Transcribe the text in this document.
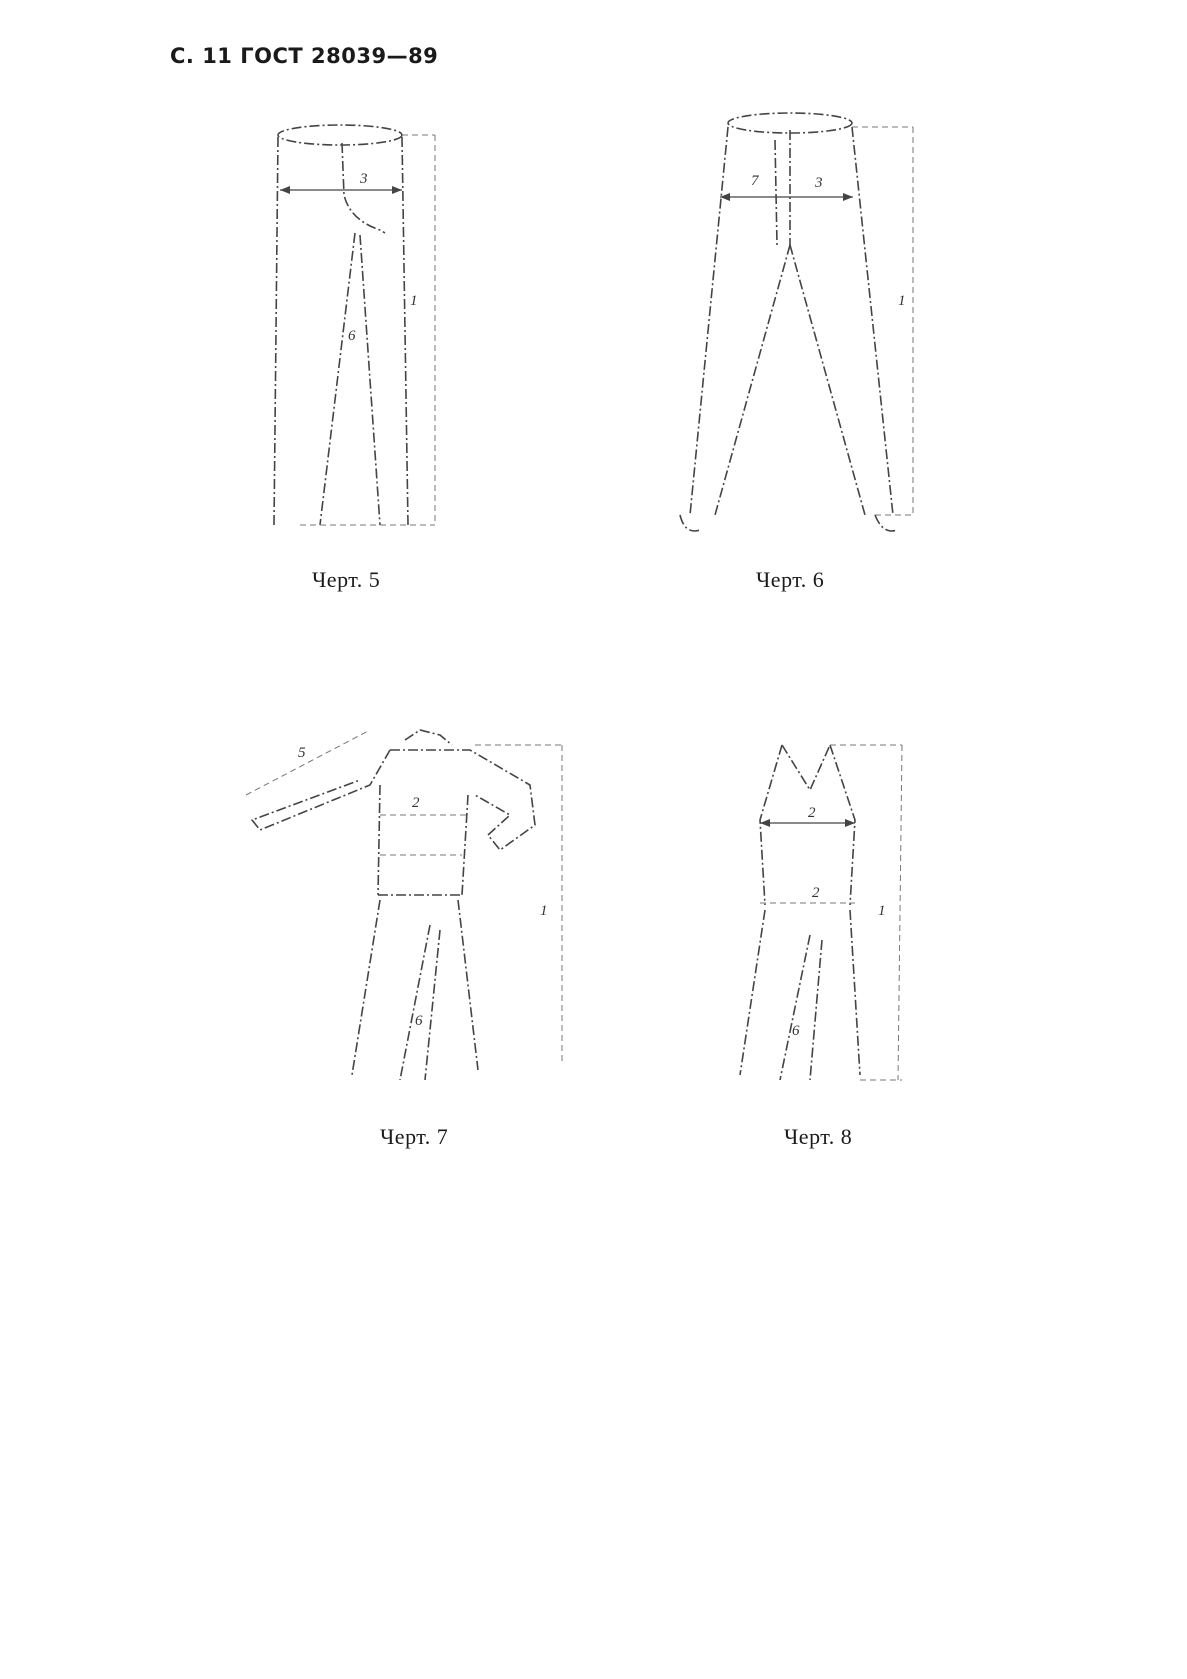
С. 11 ГОСТ 28039—89
3
1
6
Черт. 5
7	3
1
Черт. 6
5
2
1
6
Черт. 7
2
2
1
6
Черт. 8
